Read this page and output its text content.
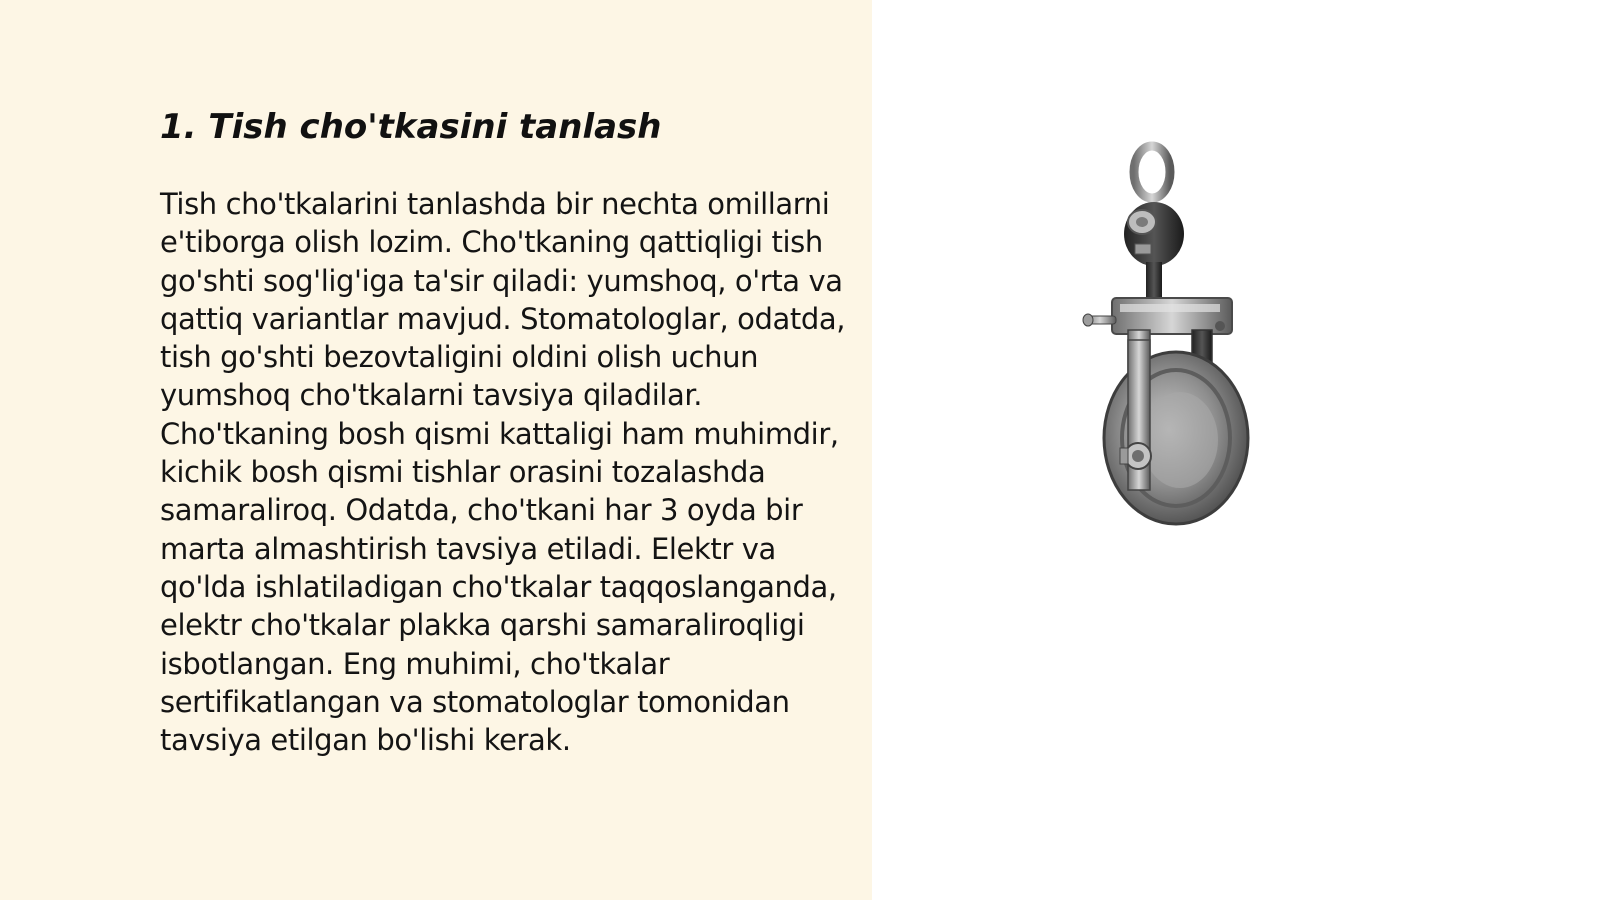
1. Tish cho'tkasini tanlash

Tish cho'tkalarini tanlashda bir nechta omillarni e'tiborga olish lozim. Cho'tkaning qattiqligi tish go'shti sog'lig'iga ta'sir qiladi: yumshoq, o'rta va qattiq variantlar mavjud. Stomatologlar, odatda, tish go'shti bezovtaligini oldini olish uchun yumshoq cho'tkalarni tavsiya qiladilar. Cho'tkaning bosh qismi kattaligi ham muhimdir, kichik bosh qismi tishlar orasini tozalashda samaraliroq. Odatda, cho'tkani har 3 oyda bir marta almashtirish tavsiya etiladi. Elektr va qo'lda ishlatiladigan cho'tkalar taqqoslanganda, elektr cho'tkalar plakka qarshi samaraliroqligi isbotlangan. Eng muhimi, cho'tkalar sertifikatlangan va stomatologlar tomonidan tavsiya etilgan bo'lishi kerak.
